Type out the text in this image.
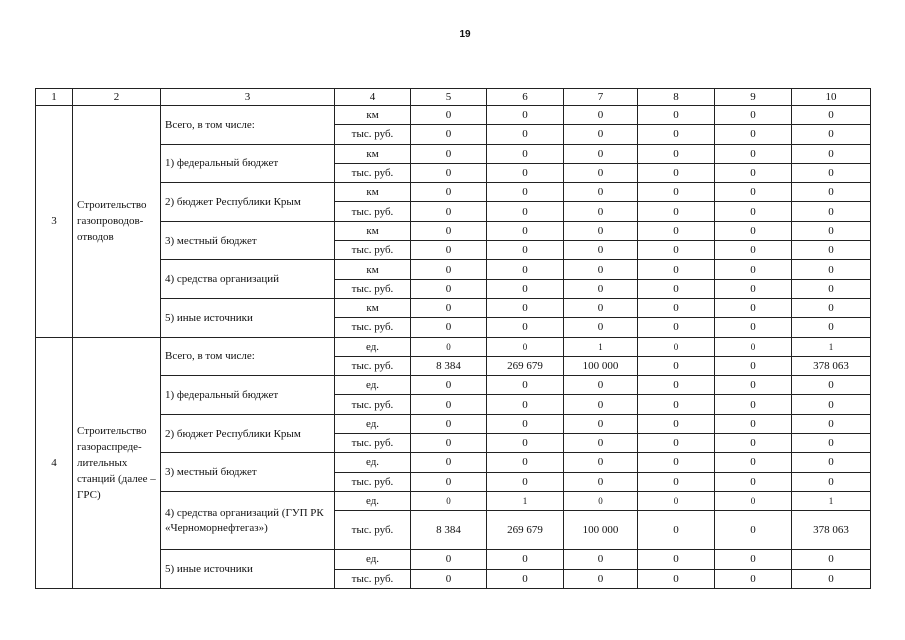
19
1	2	3	4	5	6	7	8	9	10
3	Строительство газопроводов-отводов	Всего, в том числе:	км	0	0	0	0	0	0
			тыс. руб.	0	0	0	0	0	0
		1) федеральный бюджет	км	0	0	0	0	0	0
			тыс. руб.	0	0	0	0	0	0
		2) бюджет Республики Крым	км	0	0	0	0	0	0
			тыс. руб.	0	0	0	0	0	0
		3) местный бюджет	км	0	0	0	0	0	0
			тыс. руб.	0	0	0	0	0	0
		4) средства организаций	км	0	0	0	0	0	0
			тыс. руб.	0	0	0	0	0	0
		5) иные источники	км	0	0	0	0	0	0
			тыс. руб.	0	0	0	0	0	0
4	Строительство газораспреде-лительных станций (далее – ГРС)	Всего, в том числе:	ед.	0	0	1	0	0	1
			тыс. руб.	8 384	269 679	100 000	0	0	378 063
		1) федеральный бюджет	ед.	0	0	0	0	0	0
			тыс. руб.	0	0	0	0	0	0
		2) бюджет Республики Крым	ед.	0	0	0	0	0	0
			тыс. руб.	0	0	0	0	0	0
		3) местный бюджет	ед.	0	0	0	0	0	0
			тыс. руб.	0	0	0	0	0	0
		4) средства организаций (ГУП РК «Черноморнефтегаз»)	ед.	0	1	0	0	0	1
			тыс. руб.	8 384	269 679	100 000	0	0	378 063
		5) иные источники	ед.	0	0	0	0	0	0
			тыс. руб.	0	0	0	0	0	0
